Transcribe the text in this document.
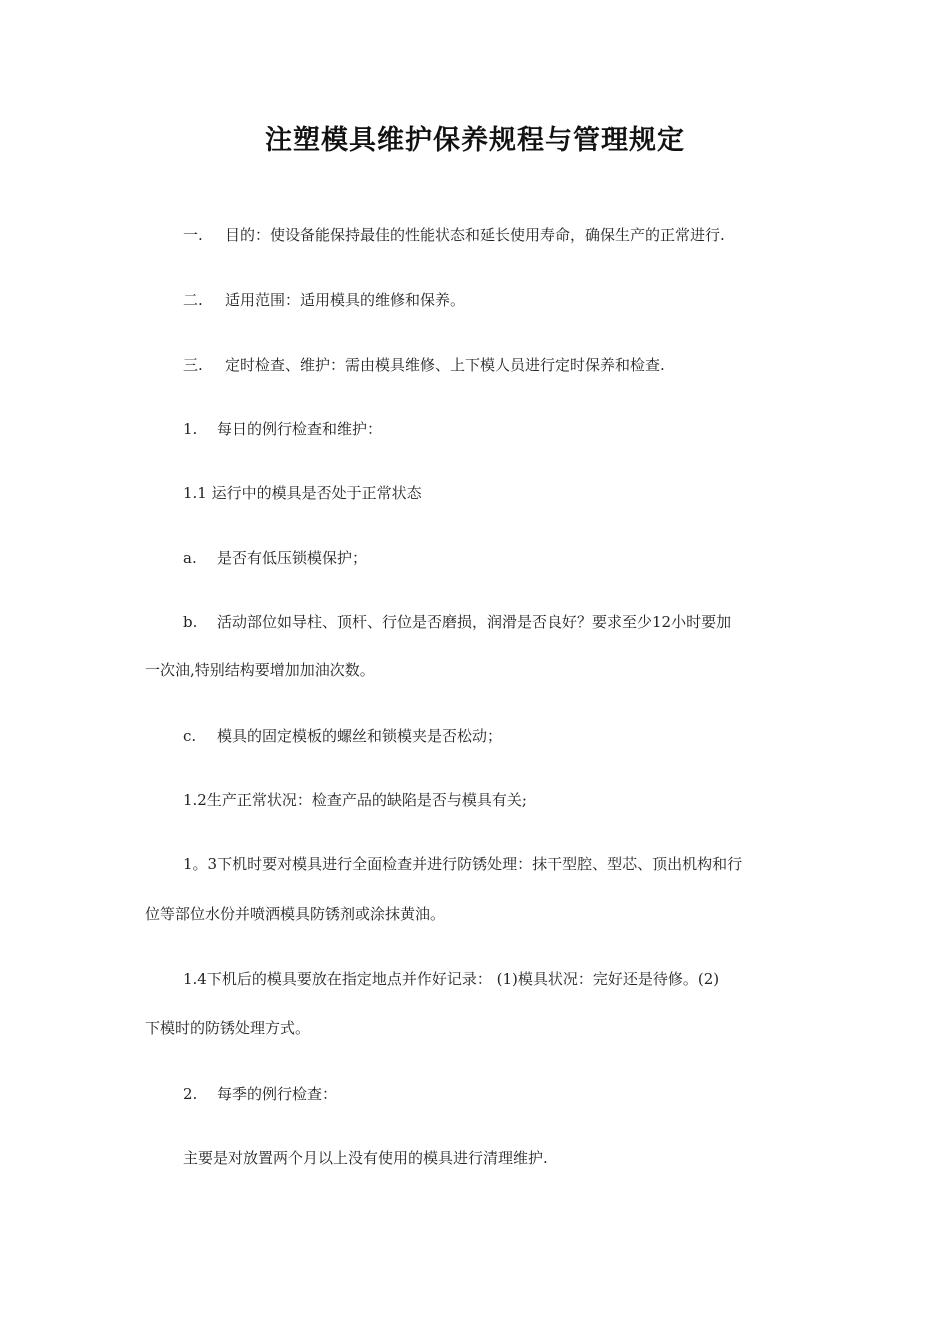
注塑模具维护保养规程与管理规定
一. 目的：使设备能保持最佳的性能状态和延长使用寿命，确保生产的正常进行.
二. 适用范围：适用模具的维修和保养。
三. 定时检查、维护：需由模具维修、上下模人员进行定时保养和检查.
1. 每日的例行检查和维护：
1.1 运行中的模具是否处于正常状态
a. 是否有低压锁模保护；
b. 活动部位如导柱、顶杆、行位是否磨损，润滑是否良好？要求至少12小时要加
一次油,特别结构要增加加油次数。
c. 模具的固定模板的螺丝和锁模夹是否松动；
1.2生产正常状况：检查产品的缺陷是否与模具有关;
1。3下机时要对模具进行全面检查并进行防锈处理：抹干型腔、型芯、顶出机构和行
位等部位水份并喷洒模具防锈剂或涂抹黄油。
1.4下机后的模具要放在指定地点并作好记录： (1)模具状况：完好还是待修。(2)
下模时的防锈处理方式。
2. 每季的例行检查：
主要是对放置两个月以上没有使用的模具进行清理维护.
